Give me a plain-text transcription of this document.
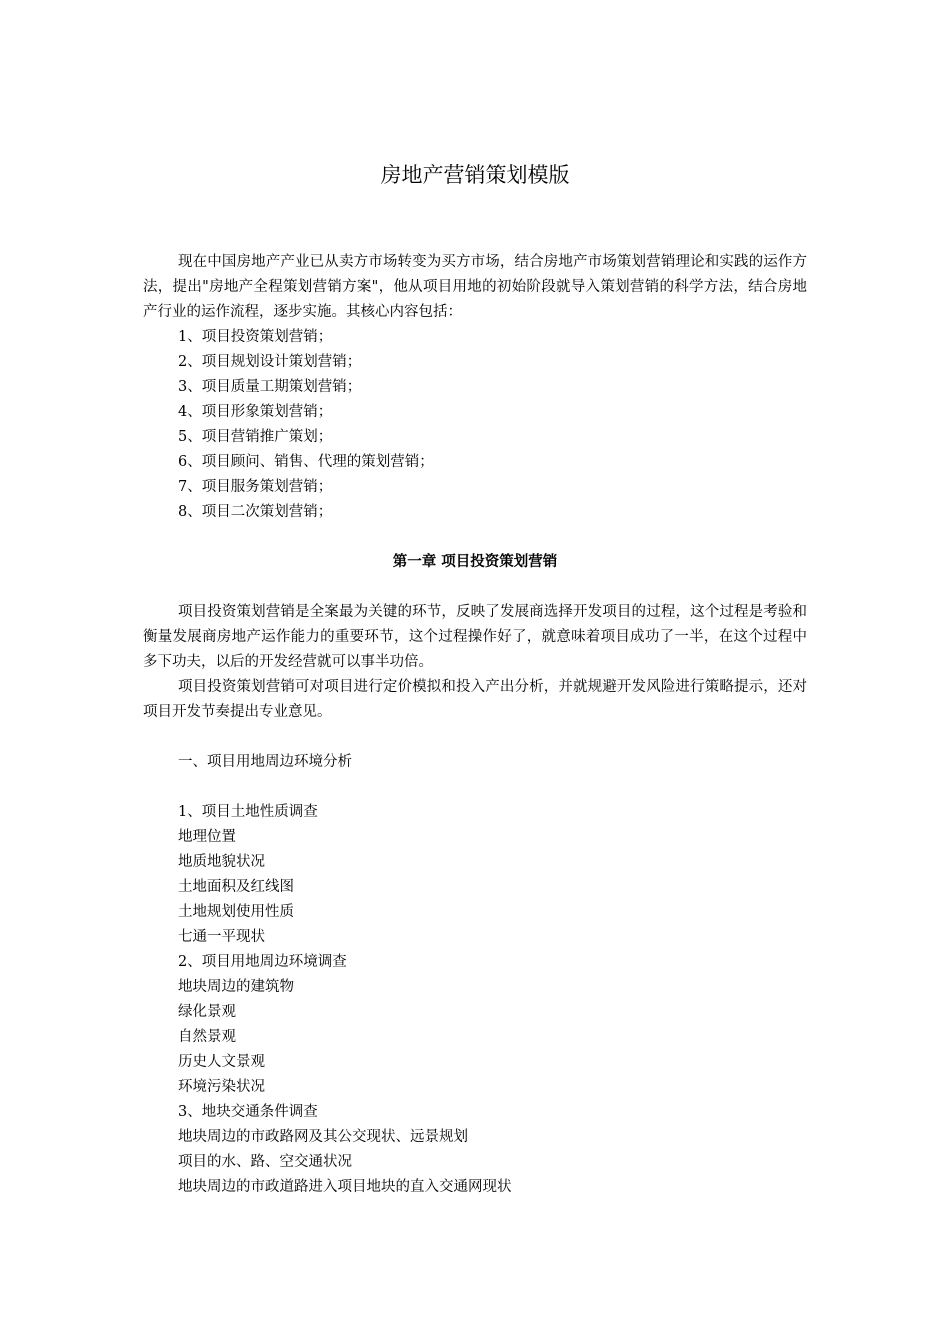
房地产营销策划模版

现在中国房地产产业已从卖方市场转变为买方市场，结合房地产市场策划营销理论和实践的运作方法，提出"房地产全程策划营销方案"，他从项目用地的初始阶段就导入策划营销的科学方法，结合房地产行业的运作流程，逐步实施。其核心内容包括：

1、项目投资策划营销；

2、项目规划设计策划营销；

3、项目质量工期策划营销；

4、项目形象策划营销；

5、项目营销推广策划；

6、项目顾问、销售、代理的策划营销；

7、项目服务策划营销；

8、项目二次策划营销；

第一章 项目投资策划营销

项目投资策划营销是全案最为关键的环节，反映了发展商选择开发项目的过程，这个过程是考验和衡量发展商房地产运作能力的重要环节，这个过程操作好了，就意味着项目成功了一半，在这个过程中多下功夫，以后的开发经营就可以事半功倍。

项目投资策划营销可对项目进行定价模拟和投入产出分析，并就规避开发风险进行策略提示，还对项目开发节奏提出专业意见。

一、项目用地周边环境分析

1、项目土地性质调查

地理位置

地质地貌状况

土地面积及红线图

土地规划使用性质

七通一平现状

2、项目用地周边环境调查

地块周边的建筑物

绿化景观

自然景观

历史人文景观

环境污染状况

3、地块交通条件调查

地块周边的市政路网及其公交现状、远景规划

项目的水、路、空交通状况

地块周边的市政道路进入项目地块的直入交通网现状
